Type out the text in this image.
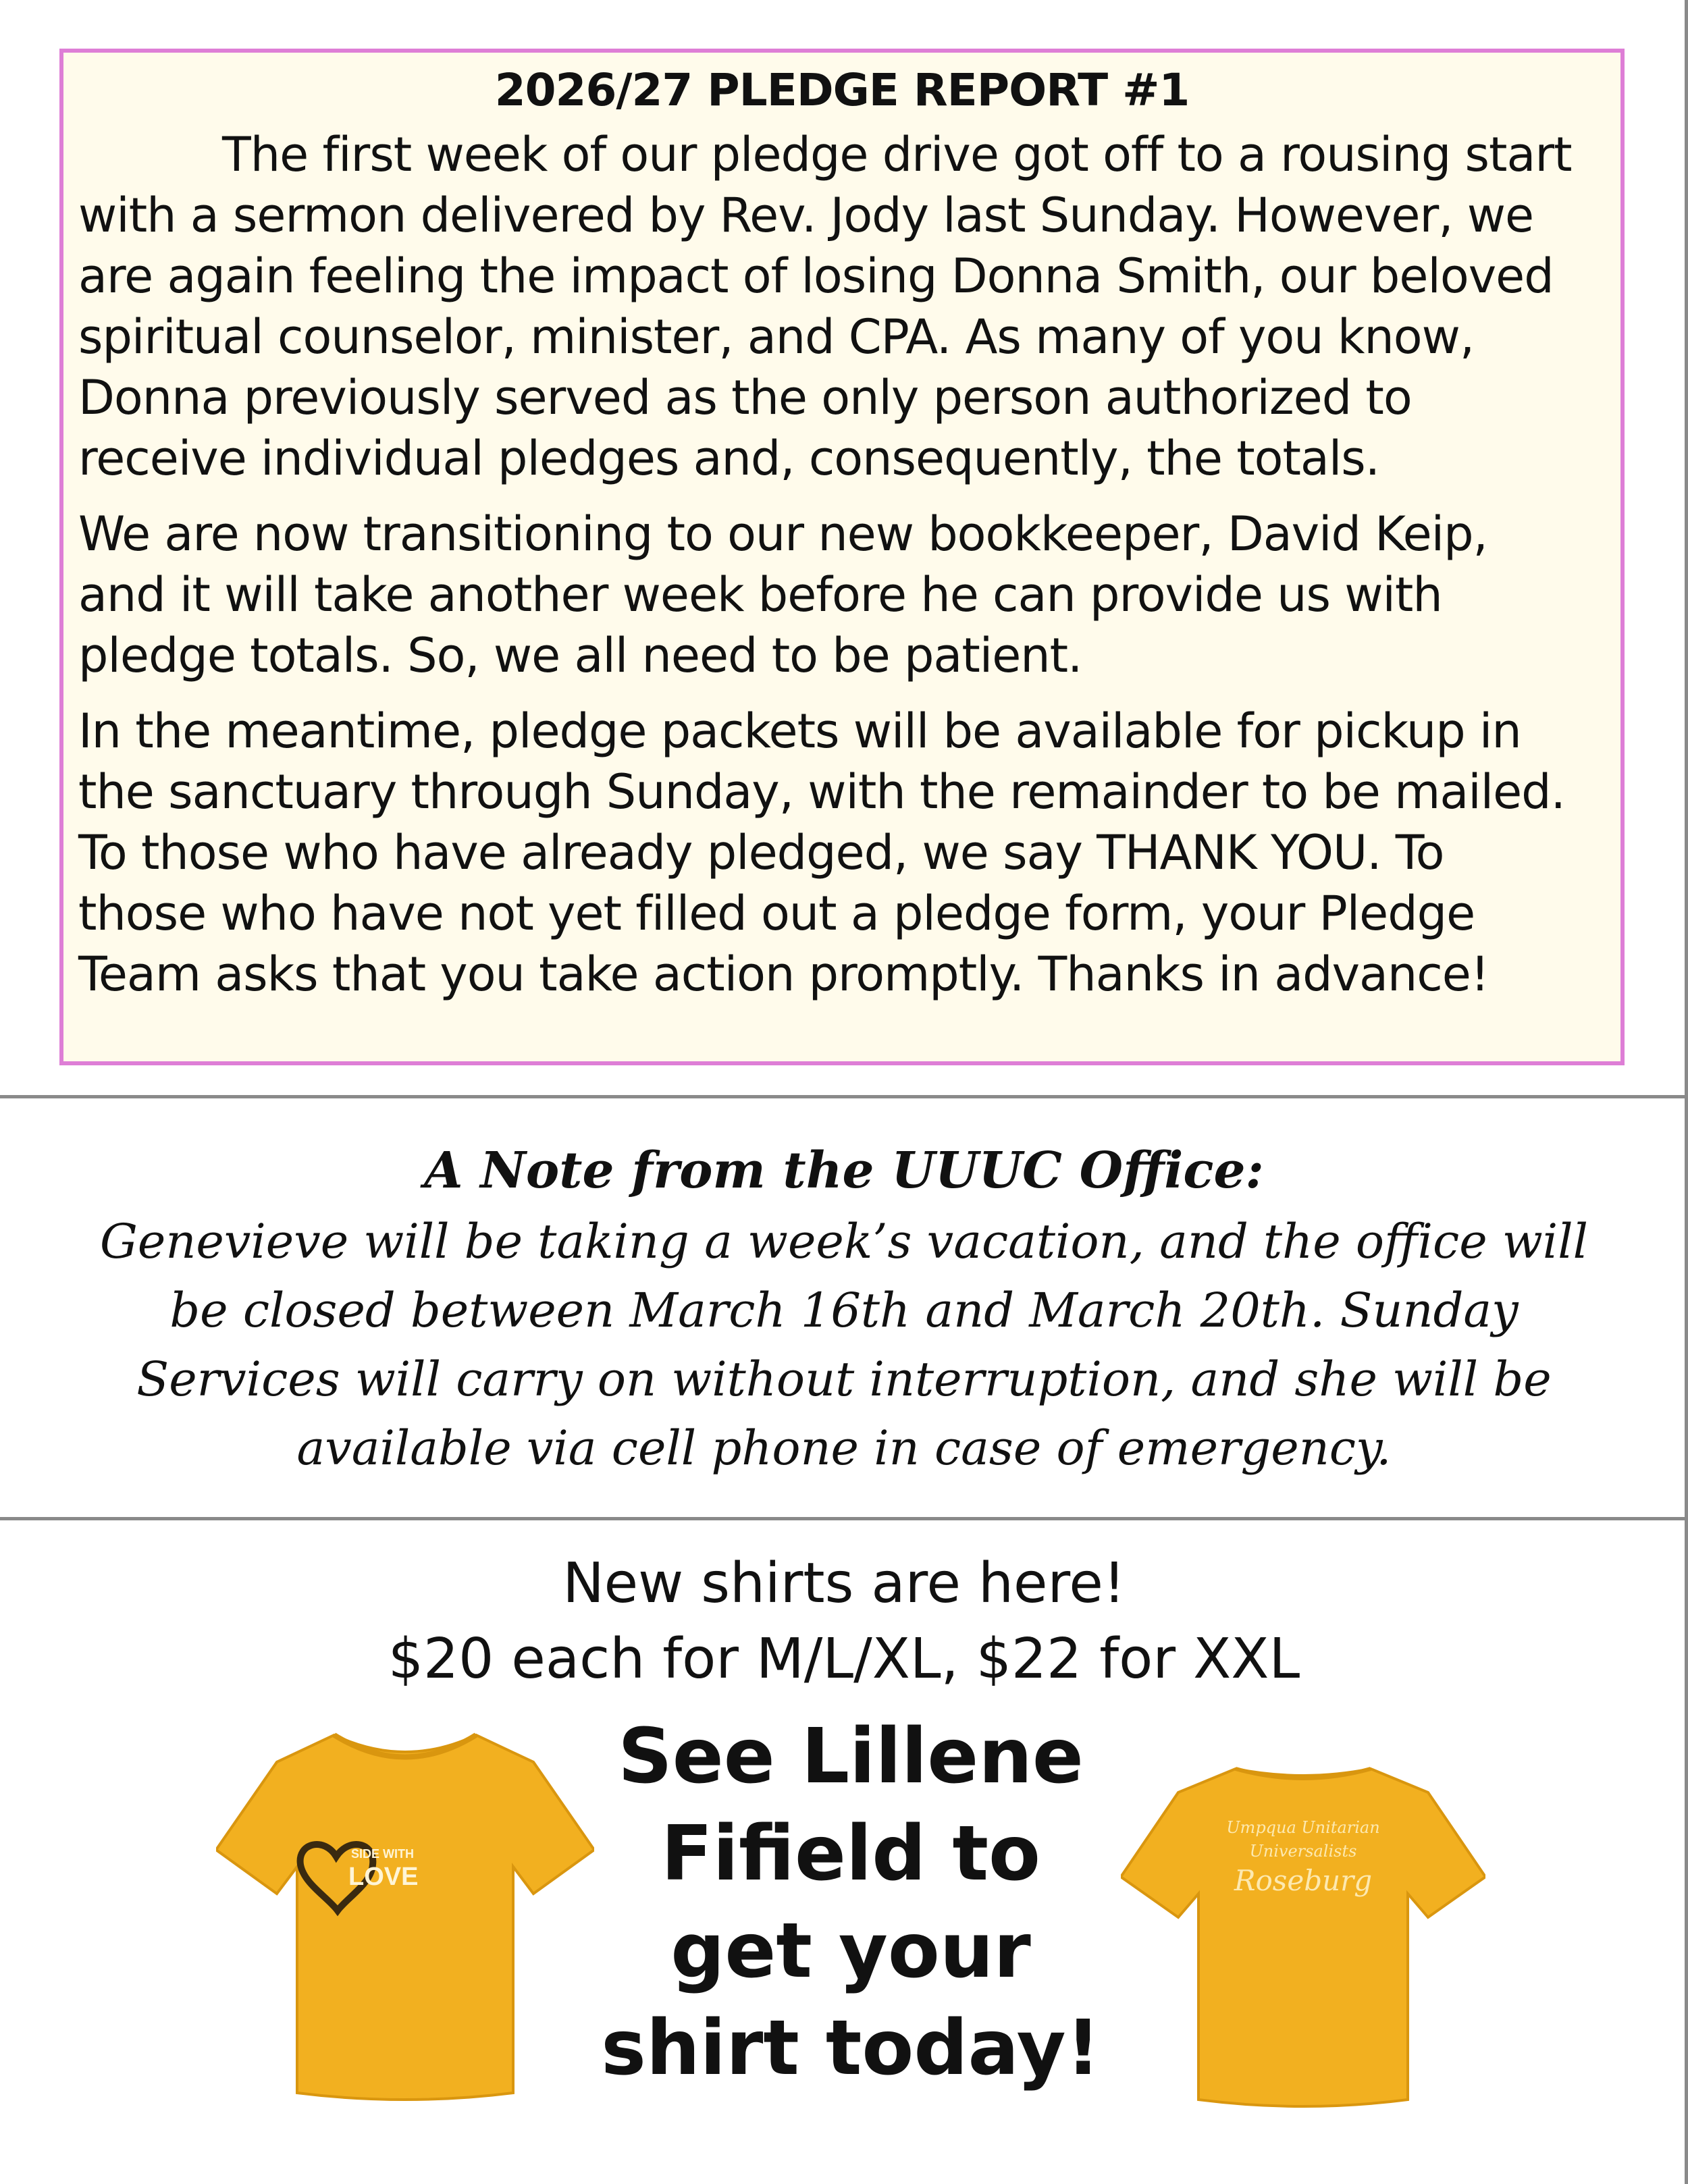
2026/27 PLEDGE REPORT #1

The first week of our pledge drive got off to a rousing start
with a sermon delivered by Rev. Jody last Sunday. However, we
are again feeling the impact of losing Donna Smith, our beloved
spiritual counselor, minister, and CPA. As many of you know,
Donna previously served as the only person authorized to
receive individual pledges and, consequently, the totals.

We are now transitioning to our new bookkeeper, David Keip,
and it will take another week before he can provide us with
pledge totals. So, we all need to be patient.

In the meantime, pledge packets will be available for pickup in
the sanctuary through Sunday, with the remainder to be mailed.
To those who have already pledged, we say THANK YOU. To
those who have not yet filled out a pledge form, your Pledge
Team asks that you take action promptly. Thanks in advance!

A Note from the UUUC Office:

Genevieve will be taking a week’s vacation, and the office will
be closed between March 16th and March 20th. Sunday
Services will carry on without interruption, and she will be
available via cell phone in case of emergency.

New shirts are here!
$20 each for M/L/XL, $22 for XXL
See Lillene
Fifield to
get your
shirt today!
SIDE WITH
LOVE
Umpqua Unitarian
Universalists
Roseburg
